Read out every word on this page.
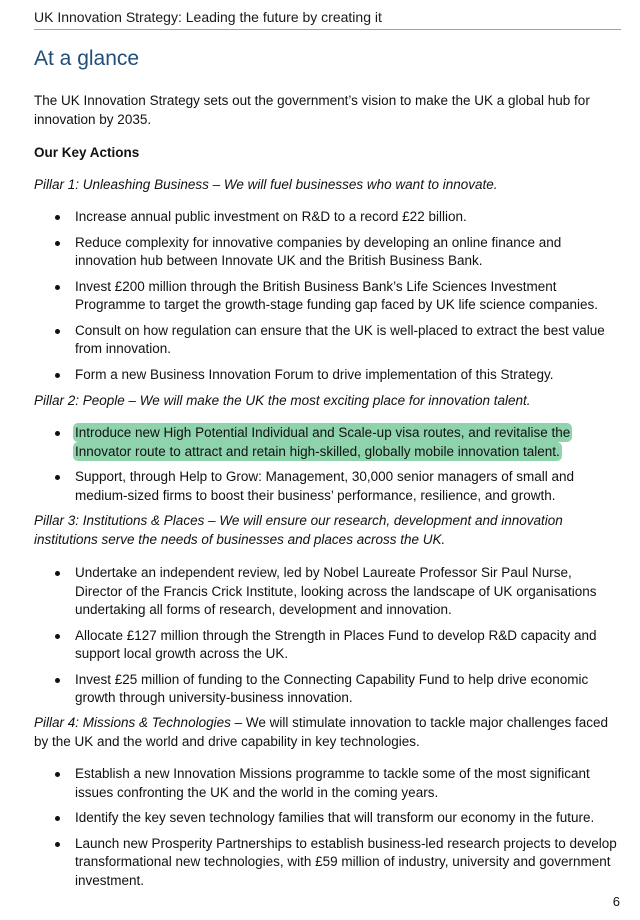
UK Innovation Strategy: Leading the future by creating it
At a glance

The UK Innovation Strategy sets out the government’s vision to make the UK a global hub for innovation by 2035.

Our Key Actions

Pillar 1: Unleashing Business – We will fuel businesses who want to innovate.

Increase annual public investment on R&D to a record £22 billion.
Reduce complexity for innovative companies by developing an online finance and innovation hub between Innovate UK and the British Business Bank.
Invest £200 million through the British Business Bank’s Life Sciences Investment Programme to target the growth-stage funding gap faced by UK life science companies.
Consult on how regulation can ensure that the UK is well-placed to extract the best value from innovation.
Form a new Business Innovation Forum to drive implementation of this Strategy.

Pillar 2: People – We will make the UK the most exciting place for innovation talent.

Introduce new High Potential Individual and Scale-up visa routes, and revitalise the Innovator route to attract and retain high-skilled, globally mobile innovation talent.
Support, through Help to Grow: Management, 30,000 senior managers of small and medium-sized firms to boost their business’ performance, resilience, and growth.

Pillar 3: Institutions & Places – We will ensure our research, development and innovation institutions serve the needs of businesses and places across the UK.

Undertake an independent review, led by Nobel Laureate Professor Sir Paul Nurse, Director of the Francis Crick Institute, looking across the landscape of UK organisations undertaking all forms of research, development and innovation.
Allocate £127 million through the Strength in Places Fund to develop R&D capacity and support local growth across the UK.
Invest £25 million of funding to the Connecting Capability Fund to help drive economic growth through university-business innovation.

Pillar 4: Missions & Technologies – We will stimulate innovation to tackle major challenges faced by the UK and the world and drive capability in key technologies.

Establish a new Innovation Missions programme to tackle some of the most significant issues confronting the UK and the world in the coming years.
Identify the key seven technology families that will transform our economy in the future.
Launch new Prosperity Partnerships to establish business-led research projects to develop transformational new technologies, with £59 million of industry, university and government investment.
6
